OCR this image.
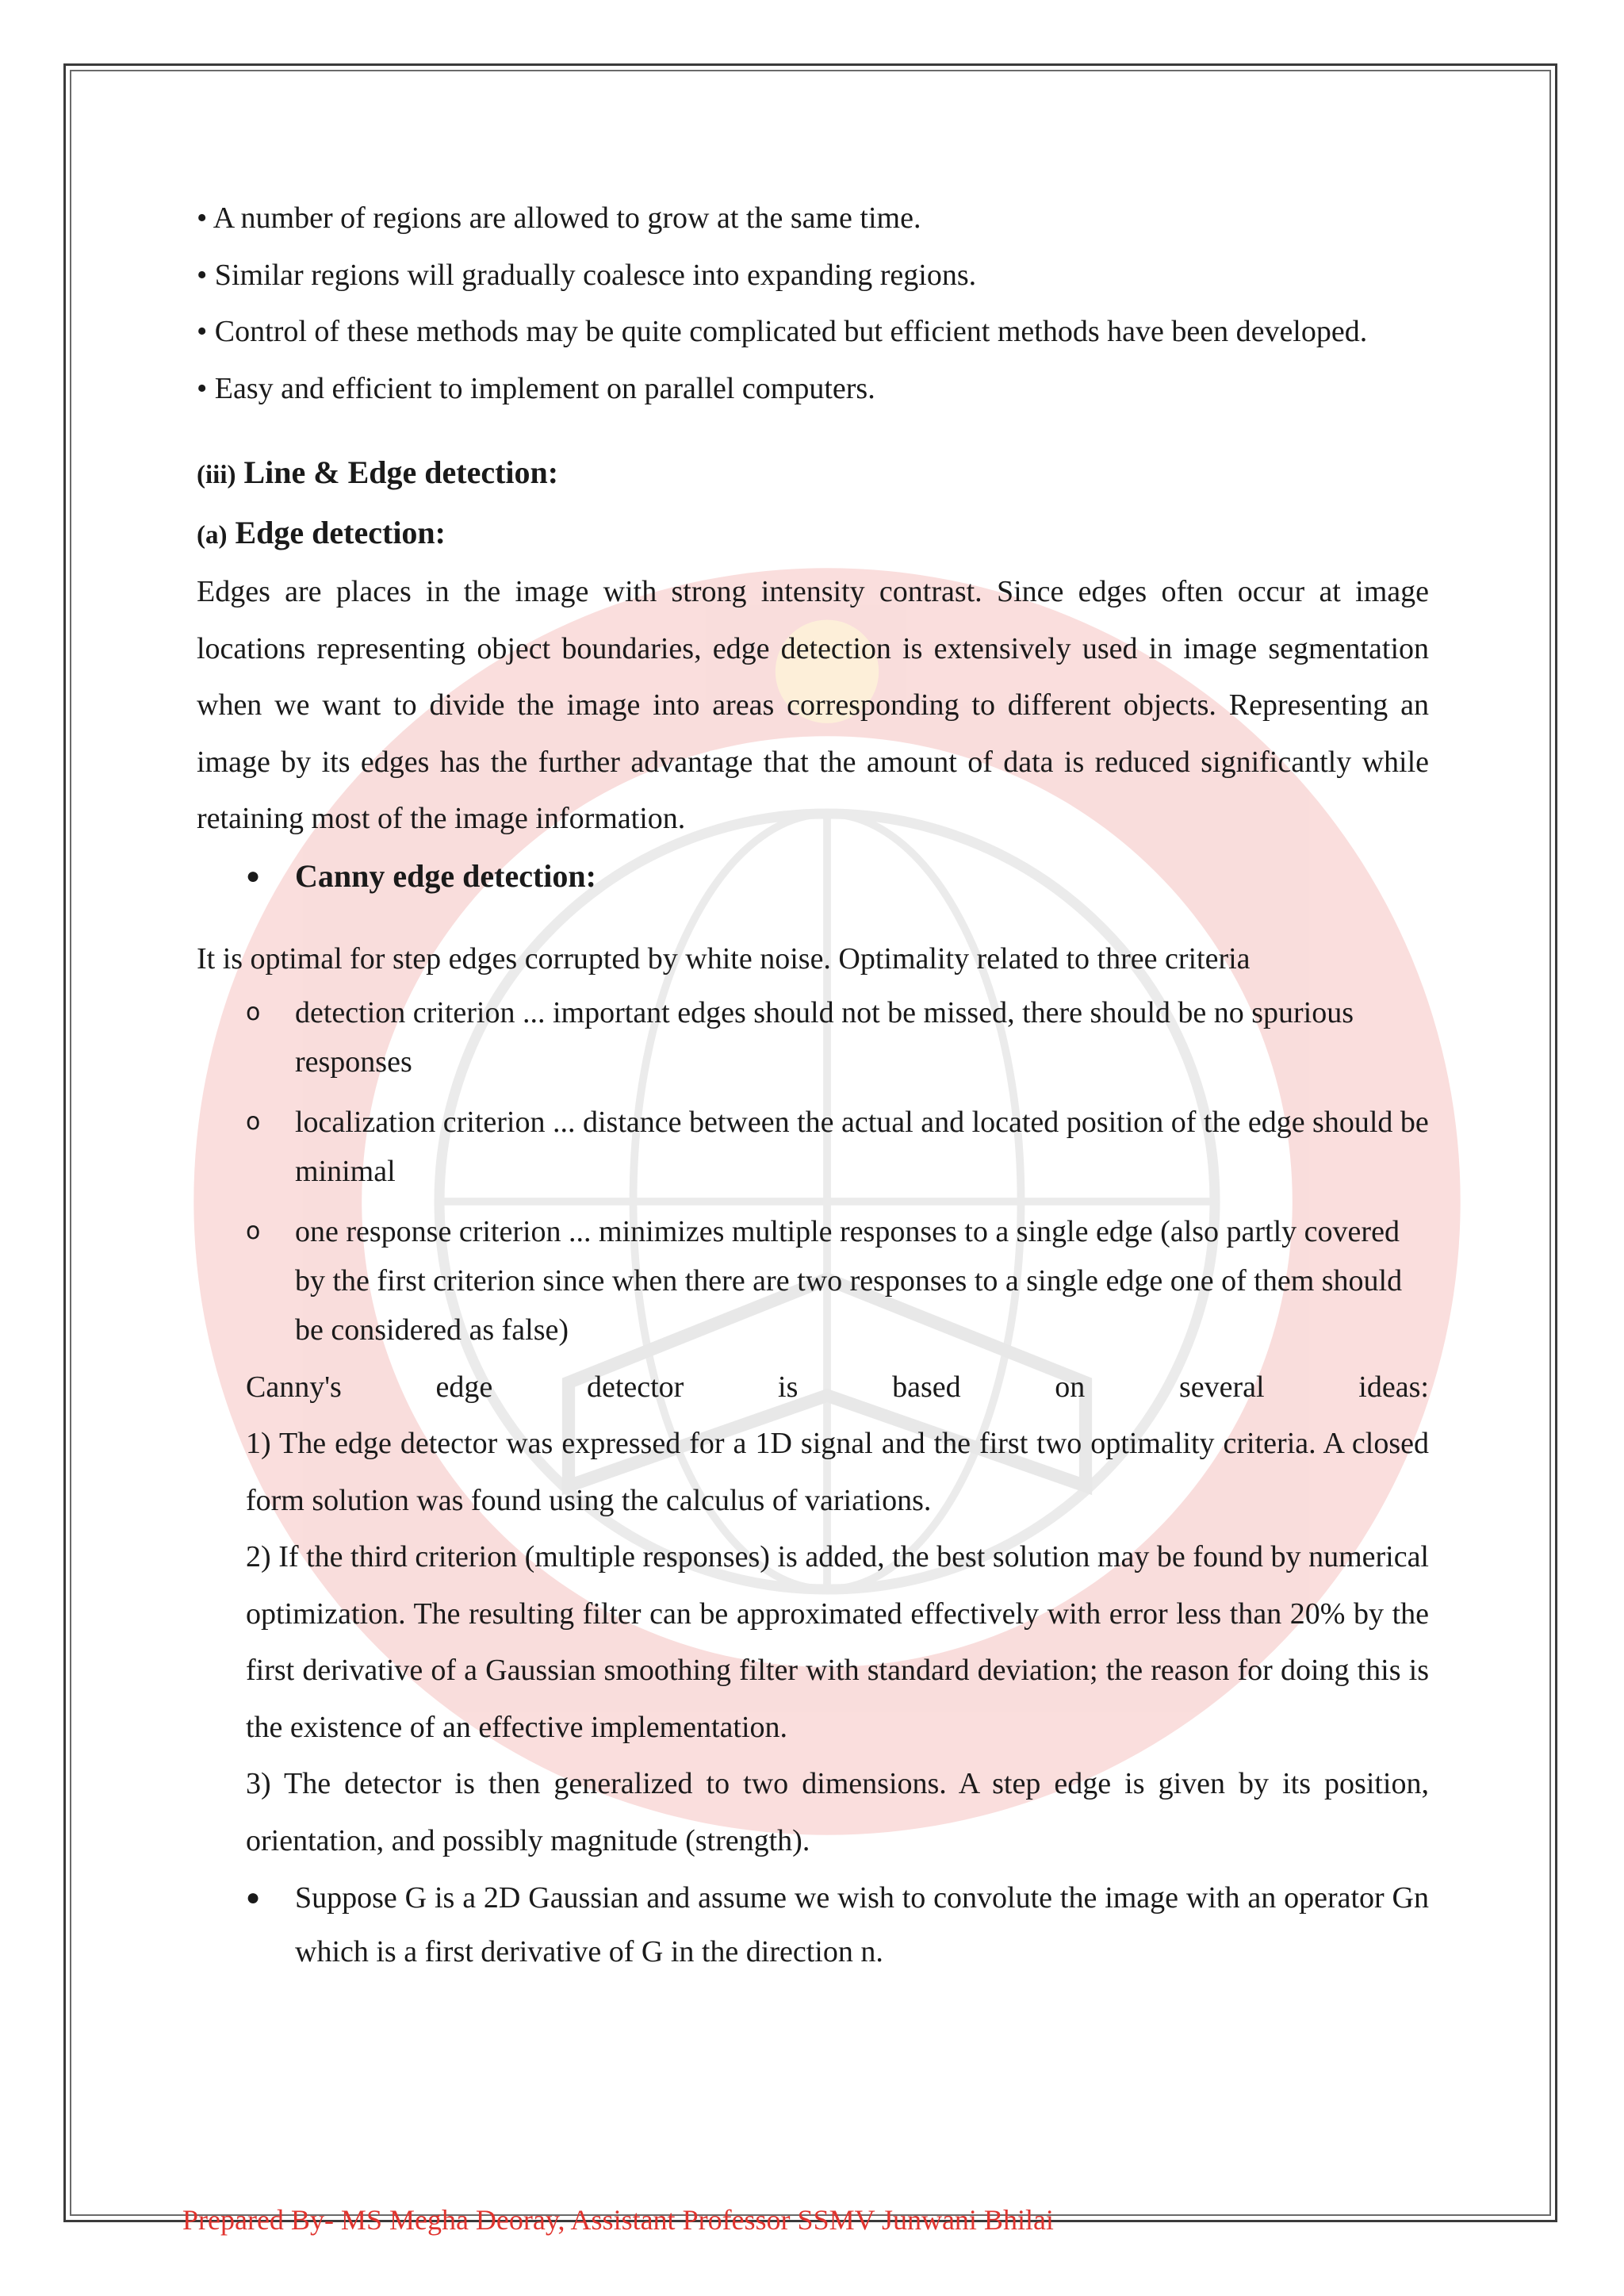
• A number of regions are allowed to grow at the same time.

• Similar regions will gradually coalesce into expanding regions.

• Control of these methods may be quite complicated but efficient methods have been developed.

• Easy and efficient to implement on parallel computers.

(iii) Line & Edge detection:

(a) Edge detection:

Edges are places in the image with strong intensity contrast. Since edges often occur at image locations representing object boundaries, edge detection is extensively used in image segmentation when we want to divide the image into areas corresponding to different objects. Representing an image by its edges has the further advantage that the amount of data is reduced significantly while retaining most of the image information.

●	Canny edge detection:

It is optimal for step edges corrupted by white noise. Optimality related to three criteria

o	detection criterion ... important edges should not be missed, there should be no spurious responses
o	localization criterion ... distance between the actual and located position of the edge should be minimal
o	one response criterion ... minimizes multiple responses to a single edge (also partly covered by the first criterion since when there are two responses to a single edge one of them should be considered as false)
Canny's	edge	detector	is	based	on	several	ideas:

1) The edge detector was expressed for a 1D signal and the first two optimality criteria. A closed form solution was found using the calculus of variations.

2) If the third criterion (multiple responses) is added, the best solution may be found by numerical optimization. The resulting filter can be approximated effectively with error less than 20% by the first derivative of a Gaussian smoothing filter with standard deviation; the reason for doing this is the existence of an effective implementation.

3) The detector is then generalized to two dimensions. A step edge is given by its position, orientation, and possibly magnitude (strength).

●	Suppose G is a 2D Gaussian and assume we wish to convolute the image with an operator Gn which is a first derivative of G in the direction n.
Prepared By- MS Megha Deoray, Assistant Professor SSMV Junwani Bhilai
